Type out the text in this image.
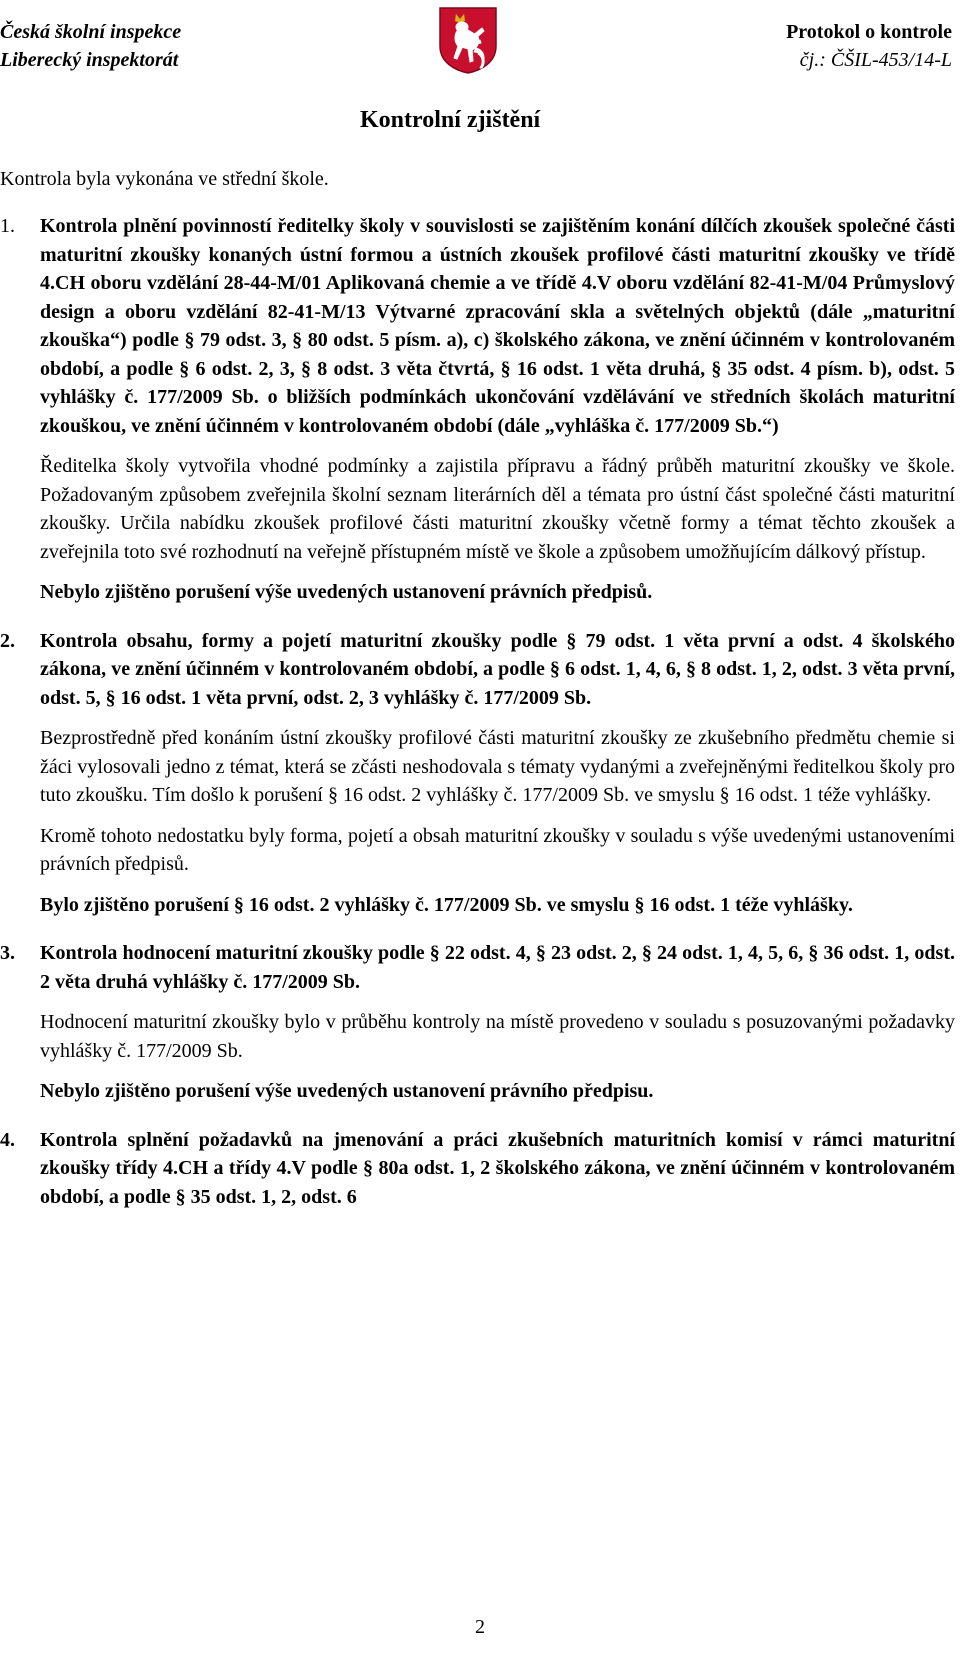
Česká školní inspekce
Liberecký inspektorát
Protokol o kontrole
čj.: ČŠIL-453/14-L
Kontrolní zjištění
Kontrola byla vykonána ve střední škole.
1. Kontrola plnění povinností ředitelky školy v souvislosti se zajištěním konání dílčích zkoušek společné části maturitní zkoušky konaných ústní formou a ústních zkoušek profilové části maturitní zkoušky ve třídě 4.CH oboru vzdělání 28-44-M/01 Aplikovaná chemie a ve třídě 4.V oboru vzdělání 82-41-M/04 Průmyslový design a oboru vzdělání 82-41-M/13 Výtvarné zpracování skla a světelných objektů (dále „maturitní zkouška“) podle § 79 odst. 3, § 80 odst. 5 písm. a), c) školského zákona, ve znění účinném v kontrolovaném období, a podle § 6 odst. 2, 3, § 8 odst. 3 věta čtvrtá, § 16 odst. 1 věta druhá, § 35 odst. 4 písm. b), odst. 5 vyhlášky č. 177/2009 Sb. o bližších podmínkách ukončování vzdělávání ve středních školách maturitní zkouškou, ve znění účinném v kontrolovaném období (dále „vyhláška č. 177/2009 Sb.“)

Ředitelka školy vytvořila vhodné podmínky a zajistila přípravu a řádný průběh maturitní zkoušky ve škole. Požadovaným způsobem zveřejnila školní seznam literárních děl a témata pro ústní část společné části maturitní zkoušky. Určila nabídku zkoušek profilové části maturitní zkoušky včetně formy a témat těchto zkoušek a zveřejnila toto své rozhodnutí na veřejně přístupném místě ve škole a způsobem umožňujícím dálkový přístup.

Nebylo zjištěno porušení výše uvedených ustanovení právních předpisů.

2. Kontrola obsahu, formy a pojetí maturitní zkoušky podle § 79 odst. 1 věta první a odst. 4 školského zákona, ve znění účinném v kontrolovaném období, a podle § 6 odst. 1, 4, 6, § 8 odst. 1, 2, odst. 3 věta první, odst. 5, § 16 odst. 1 věta první, odst. 2, 3 vyhlášky č. 177/2009 Sb.

Bezprostředně před konáním ústní zkoušky profilové části maturitní zkoušky ze zkušebního předmětu chemie si žáci vylosovali jedno z témat, která se zčásti neshodovala s tématy vydanými a zveřejněnými ředitelkou školy pro tuto zkoušku. Tím došlo k porušení § 16 odst. 2 vyhlášky č. 177/2009 Sb. ve smyslu § 16 odst. 1 téže vyhlášky.

Kromě tohoto nedostatku byly forma, pojetí a obsah maturitní zkoušky v souladu s výše uvedenými ustanoveními právních předpisů.

Bylo zjištěno porušení § 16 odst. 2 vyhlášky č. 177/2009 Sb. ve smyslu § 16 odst. 1 téže vyhlášky.

3. Kontrola hodnocení maturitní zkoušky podle § 22 odst. 4, § 23 odst. 2, § 24 odst. 1, 4, 5, 6, § 36 odst. 1, odst. 2 věta druhá vyhlášky č. 177/2009 Sb.

Hodnocení maturitní zkoušky bylo v průběhu kontroly na místě provedeno v souladu s posuzovanými požadavky vyhlášky č. 177/2009 Sb.

Nebylo zjištěno porušení výše uvedených ustanovení právního předpisu.

4. Kontrola splnění požadavků na jmenování a práci zkušebních maturitních komisí v rámci maturitní zkoušky třídy 4.CH a třídy 4.V podle § 80a odst. 1, 2 školského zákona, ve znění účinném v kontrolovaném období, a podle § 35 odst. 1, 2, odst. 6

2
